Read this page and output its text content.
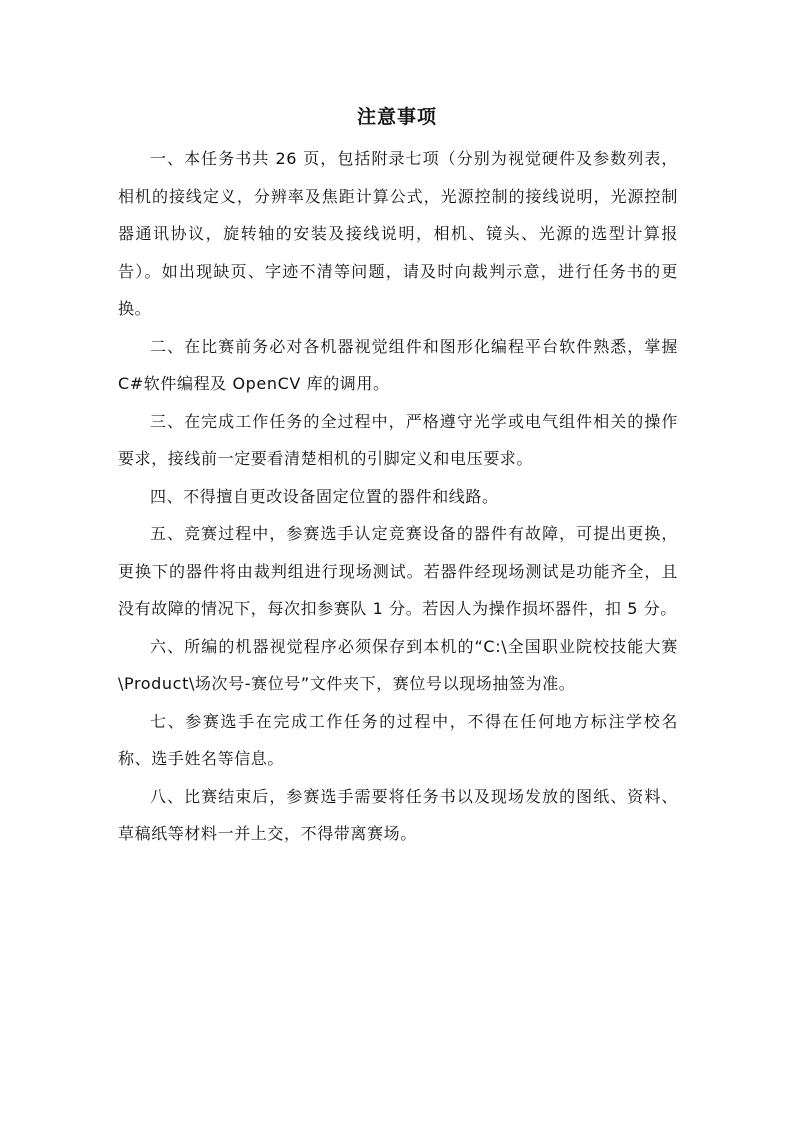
注意事项

一、本任务书共 26 页，包括附录七项（分别为视觉硬件及参数列表，相机的接线定义，分辨率及焦距计算公式，光源控制的接线说明，光源控制器通讯协议，旋转轴的安装及接线说明，相机、镜头、光源的选型计算报告）。如出现缺页、字迹不清等问题，请及时向裁判示意，进行任务书的更换。

二、在比赛前务必对各机器视觉组件和图形化编程平台软件熟悉，掌握 C#软件编程及 OpenCV 库的调用。

三、在完成工作任务的全过程中，严格遵守光学或电气组件相关的操作要求，接线前一定要看清楚相机的引脚定义和电压要求。

四、不得擅自更改设备固定位置的器件和线路。

五、竞赛过程中，参赛选手认定竞赛设备的器件有故障，可提出更换，更换下的器件将由裁判组进行现场测试。若器件经现场测试是功能齐全，且没有故障的情况下，每次扣参赛队 1 分。若因人为操作损坏器件，扣 5 分。

六、所编的机器视觉程序必须保存到本机的“C:\全国职业院校技能大赛\Product\场次号-赛位号”文件夹下，赛位号以现场抽签为准。

七、参赛选手在完成工作任务的过程中，不得在任何地方标注学校名称、选手姓名等信息。

八、比赛结束后，参赛选手需要将任务书以及现场发放的图纸、资料、草稿纸等材料一并上交，不得带离赛场。
